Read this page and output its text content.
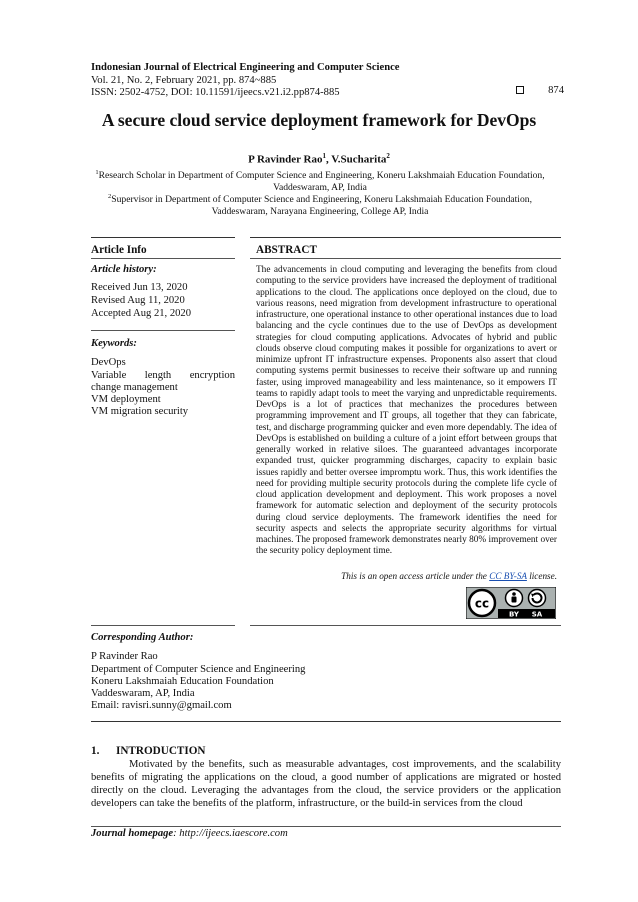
Indonesian Journal of Electrical Engineering and Computer Science
Vol. 21, No. 2, February 2021, pp. 874~885
ISSN: 2502-4752, DOI: 10.11591/ijeecs.v21.i2.pp874-885	874
A secure cloud service deployment framework for DevOps
P Ravinder Rao$^1$, V.Sucharita$^2$
$^1$Research Scholar in Department of Computer Science and Engineering, Koneru Lakshmaiah Education Foundation,
Vaddeswaram, AP, India
$^2$Supervisor in Department of Computer Science and Engineering, Koneru Lakshmaiah Education Foundation,
Vaddeswaram, Narayana Engineering, College AP, India
Article Info
Article history:
Received Jun 13, 2020
Revised Aug 11, 2020
Accepted Aug 21, 2020
Keywords:
DevOps
Variable length encryption
change management
VM deployment
VM migration security
ABSTRACT
The advancements in cloud computing and leveraging the benefits from cloud computing to the service providers have increased the deployment of traditional applications to the cloud. The applications once deployed on the cloud, due to various reasons, need migration from development infrastructure to operational infrastructure, one operational instance to other operational instances due to load balancing and the cycle continues due to the use of DevOps as development strategies for cloud computing applications. Advocates of hybrid and public clouds observe cloud computing makes it possible for organizations to avert or minimize upfront IT infrastructure expenses. Proponents also assert that cloud computing systems permit businesses to receive their software up and running faster, using improved manageability and less maintenance, so it empowers IT teams to rapidly adapt tools to meet the varying and unpredictable requirements. DevOps is a lot of practices that mechanizes the procedures between programming improvement and IT groups, all together that they can fabricate, test, and discharge programming quicker and even more dependably. The idea of DevOps is established on building a culture of a joint effort between groups that generally worked in relative siloes. The guaranteed advantages incorporate expanded trust, quicker programming discharges, capacity to explain basic issues rapidly and better oversee impromptu work. Thus, this work identifies the need for providing multiple security protocols during the complete life cycle of cloud application development and deployment. This work proposes a novel framework for automatic selection and deployment of the security protocols during cloud service deployments. The framework identifies the need for security aspects and selects the appropriate security algorithms for virtual machines. The proposed framework demonstrates nearly 80% improvement over the security policy deployment time.
This is an open access article under the CC BY-SA license.
cc
BY SA
Corresponding Author:
P Ravinder Rao
Department of Computer Science and Engineering
Koneru Lakshmaiah Education Foundation
Vaddeswaram, AP, India
Email: ravisri.sunny@gmail.com
1. INTRODUCTION
Motivated by the benefits, such as measurable advantages, cost improvements, and the scalability benefits of migrating the applications on the cloud, a good number of applications are migrated or hosted directly on the cloud. Leveraging the advantages from the cloud, the service providers or the application developers can take the benefits of the platform, infrastructure, or the build-in services from the cloud
Journal homepage: http://ijeecs.iaescore.com
